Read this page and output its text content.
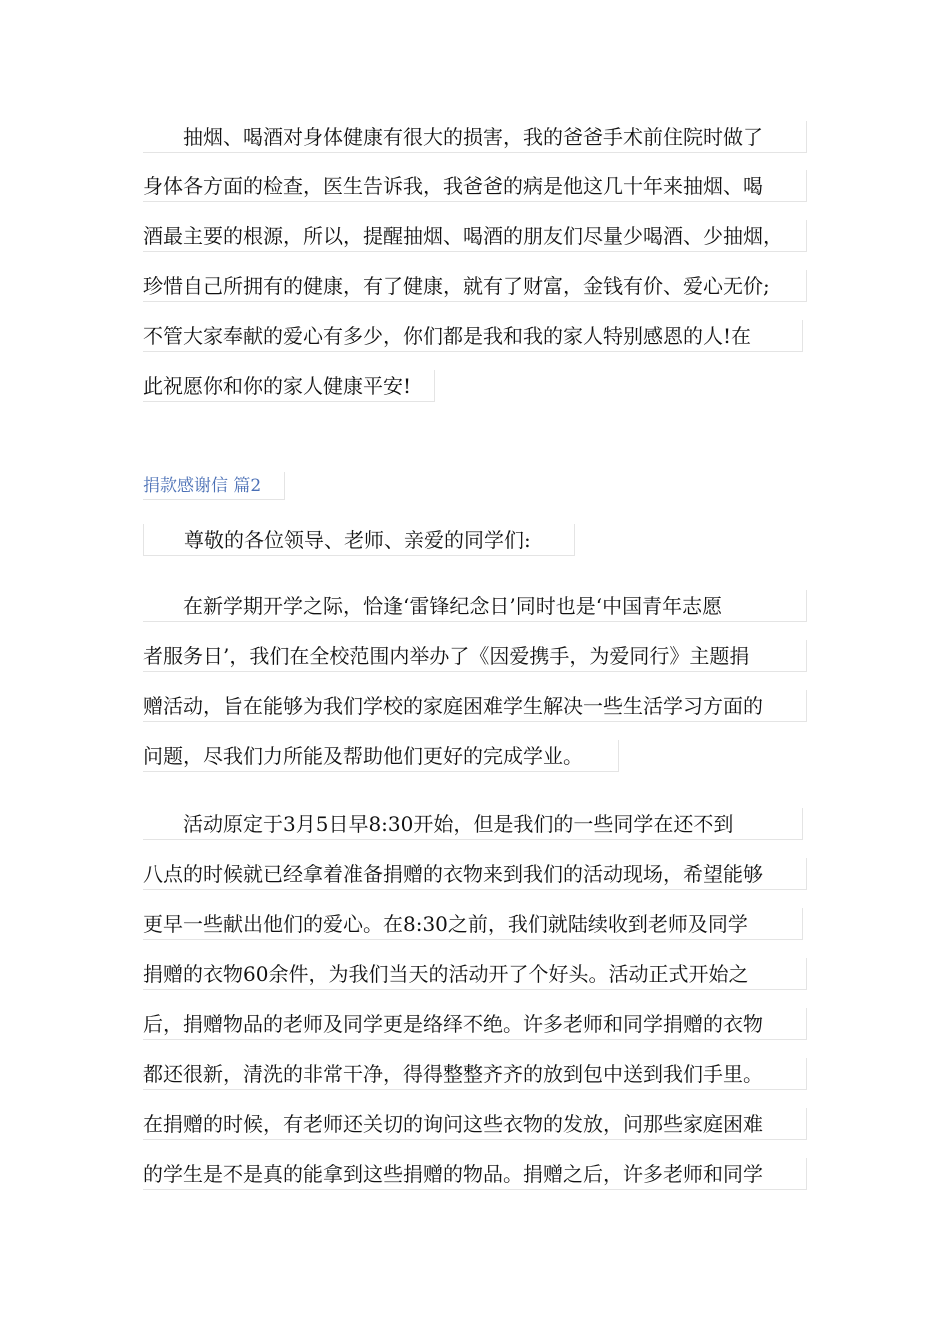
　　抽烟、喝酒对身体健康有很大的损害，我的爸爸手术前住院时做了
身体各方面的检查，医生告诉我，我爸爸的病是他这几十年来抽烟、喝
酒最主要的根源，所以，提醒抽烟、喝酒的朋友们尽量少喝酒、少抽烟，
珍惜自己所拥有的健康，有了健康，就有了财富，金钱有价、爱心无价;
不管大家奉献的爱心有多少，你们都是我和我的家人特别感恩的人!在
此祝愿你和你的家人健康平安!
捐款感谢信 篇2
　　尊敬的各位领导、老师、亲爱的同学们:
　　在新学期开学之际，恰逢‘雷锋纪念日’同时也是‘中国青年志愿
者服务日’，我们在全校范围内举办了《因爱携手，为爱同行》主题捐
赠活动，旨在能够为我们学校的家庭困难学生解决一些生活学习方面的
问题，尽我们力所能及帮助他们更好的完成学业。
　　活动原定于3月5日早8:30开始，但是我们的一些同学在还不到
八点的时候就已经拿着准备捐赠的衣物来到我们的活动现场，希望能够
更早一些献出他们的爱心。在8:30之前，我们就陆续收到老师及同学
捐赠的衣物60余件，为我们当天的活动开了个好头。活动正式开始之
后，捐赠物品的老师及同学更是络绎不绝。许多老师和同学捐赠的衣物
都还很新，清洗的非常干净，得得整整齐齐的放到包中送到我们手里。
在捐赠的时候，有老师还关切的询问这些衣物的发放，问那些家庭困难
的学生是不是真的能拿到这些捐赠的物品。捐赠之后，许多老师和同学
